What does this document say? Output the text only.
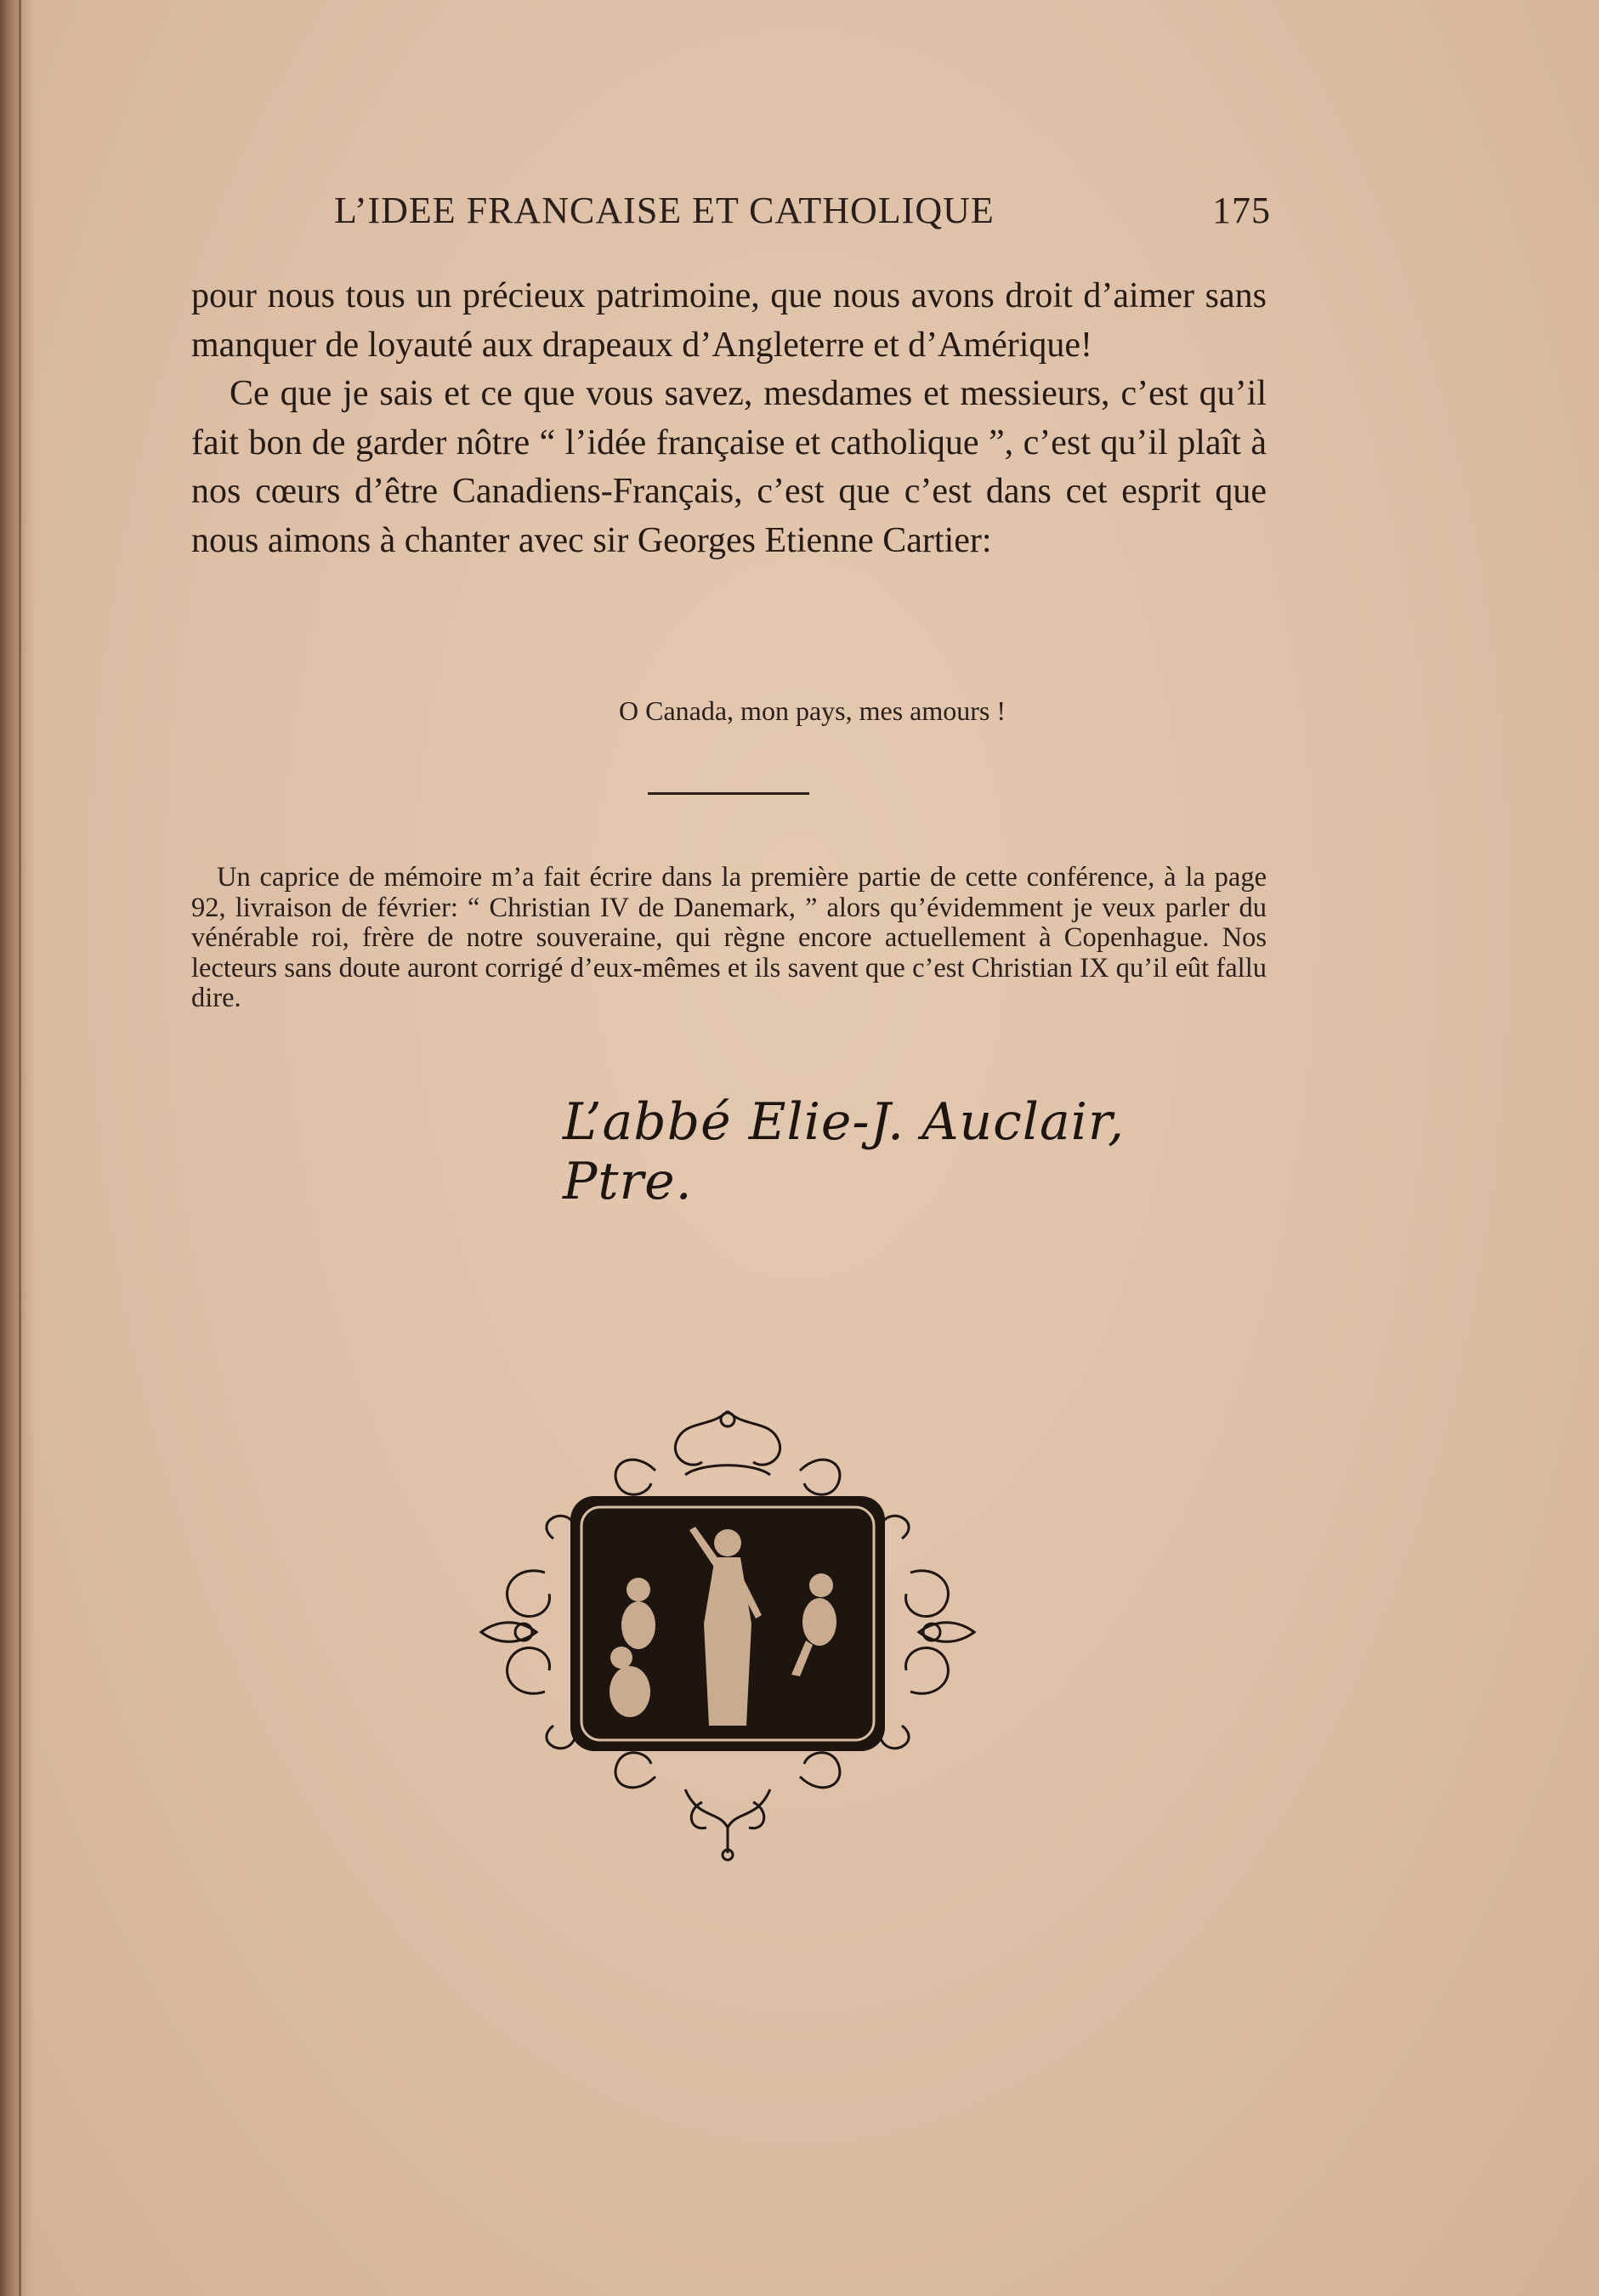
L’IDEE FRANCAISE ET CATHOLIQUE	175

pour nous tous un précieux patrimoine, que nous avons droit d’aimer sans manquer de loyauté aux drapeaux d’Angleterre et d’Amérique!

Ce que je sais et ce que vous savez, mesdames et messieurs, c’est qu’il fait bon de garder nôtre “ l’idée française et catholique ”, c’est qu’il plaît à nos cœurs d’être Canadiens-Français, c’est que c’est dans cet esprit que nous aimons à chanter avec sir Georges Etienne Cartier:

O Canada, mon pays, mes amours !

Un caprice de mémoire m’a fait écrire dans la première partie de cette conférence, à la page 92, livraison de février: “ Christian IV de Danemark, ” alors qu’évidemment je veux parler du vénérable roi, frère de notre souveraine, qui règne encore actuellement à Copenhague. Nos lecteurs sans doute auront corrigé d’eux-mêmes et ils savent que c’est Christian IX qu’il eût fallu dire.

L’abbé Elie-J. Auclair, Ptre.
